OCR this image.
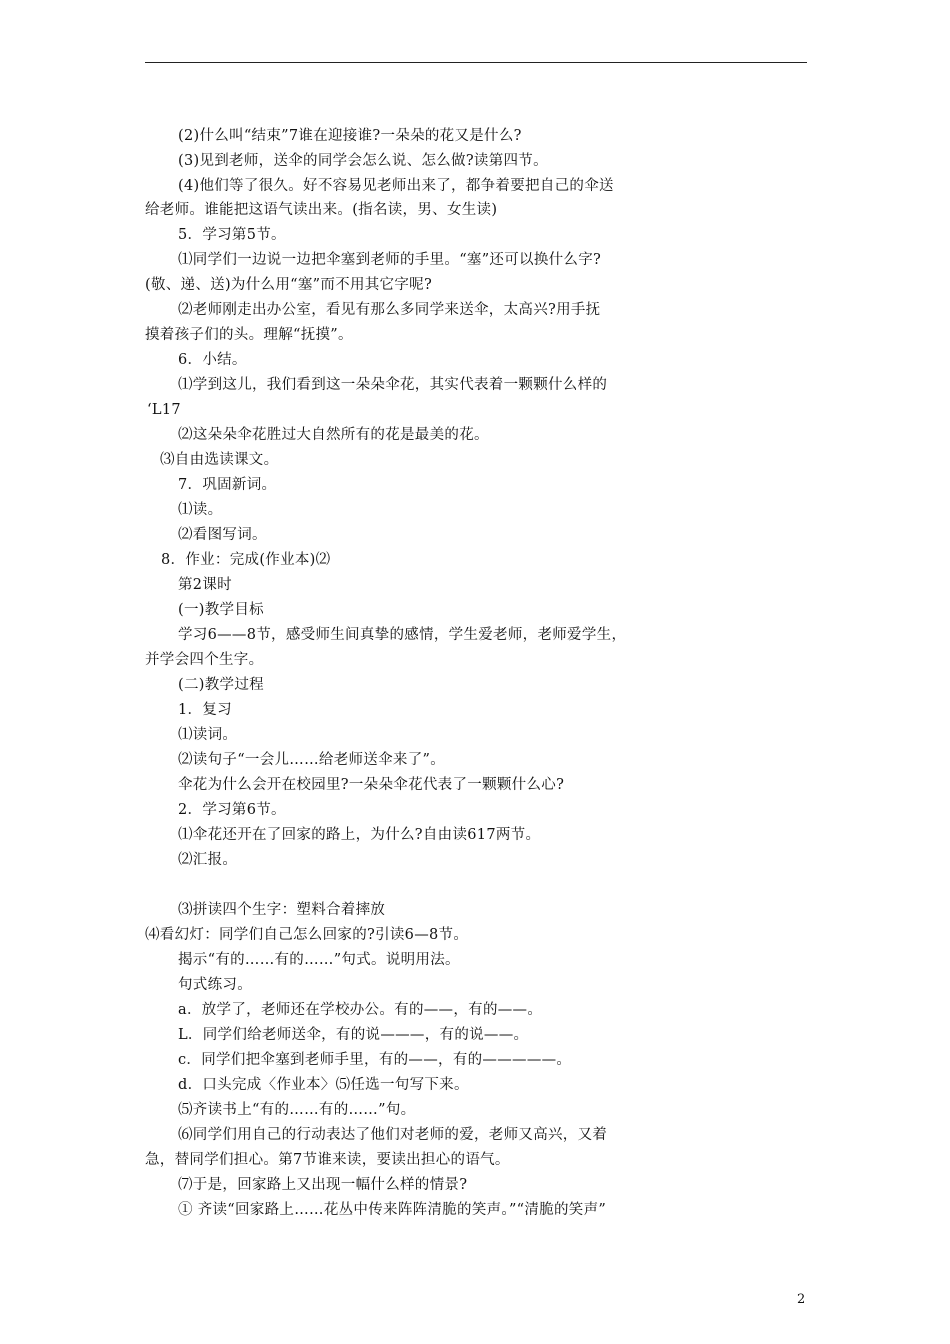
(2)什么叫“结束”7谁在迎接谁?一朵朵的花又是什么?
(3)见到老师，送伞的同学会怎么说、怎么做?读第四节。
(4)他们等了很久。好不容易见老师出来了，都争着要把自己的伞送
给老师。谁能把这语气读出来。(指名读，男、女生读)
5．学习第5节。
⑴同学们一边说一边把伞塞到老师的手里。“塞”还可以换什么字?
(敬、递、送)为什么用“塞”而不用其它字呢?
⑵老师刚走出办公室，看见有那么多同学来送伞，太高兴?用手抚
摸着孩子们的头。理解“抚摸”。
6．小结。
⑴学到这儿，我们看到这一朵朵伞花，其实代表着一颗颗什么样的
‘L17
⑵这朵朵伞花胜过大自然所有的花是最美的花。
⑶自由选读课文。
7．巩固新词。
⑴读。
⑵看图写词。
8．作业：完成(作业本)⑵
第2课时
(一)教学目标
学习6——8节，感受师生间真挚的感情，学生爱老师，老师爱学生，
并学会四个生字。
(二)教学过程
1．复习
⑴读词。
⑵读句子“一会儿……给老师送伞来了”。
伞花为什么会开在校园里?一朵朵伞花代表了一颗颗什么心?
2．学习第6节。
⑴伞花还开在了回家的路上，为什么?自由读617两节。
⑵汇报。
⑶拼读四个生字：塑料合着摔放
⑷看幻灯：同学们自己怎么回家的?引读6—8节。
揭示“有的……有的……”句式。说明用法。
句式练习。
a．放学了，老师还在学校办公。有的——，有的——。
L．同学们给老师送伞，有的说———，有的说——。
c．同学们把伞塞到老师手里，有的——，有的—————。
d．口头完成〈作业本〉⑸任选一句写下来。
⑸齐读书上“有的……有的……”句。
⑹同学们用自己的行动表达了他们对老师的爱，老师又高兴，又着
急，替同学们担心。第7节谁来读，要读出担心的语气。
⑺于是，回家路上又出现一幅什么样的情景?
① 齐读“回家路上……花丛中传来阵阵清脆的笑声。”“清脆的笑声”
2
